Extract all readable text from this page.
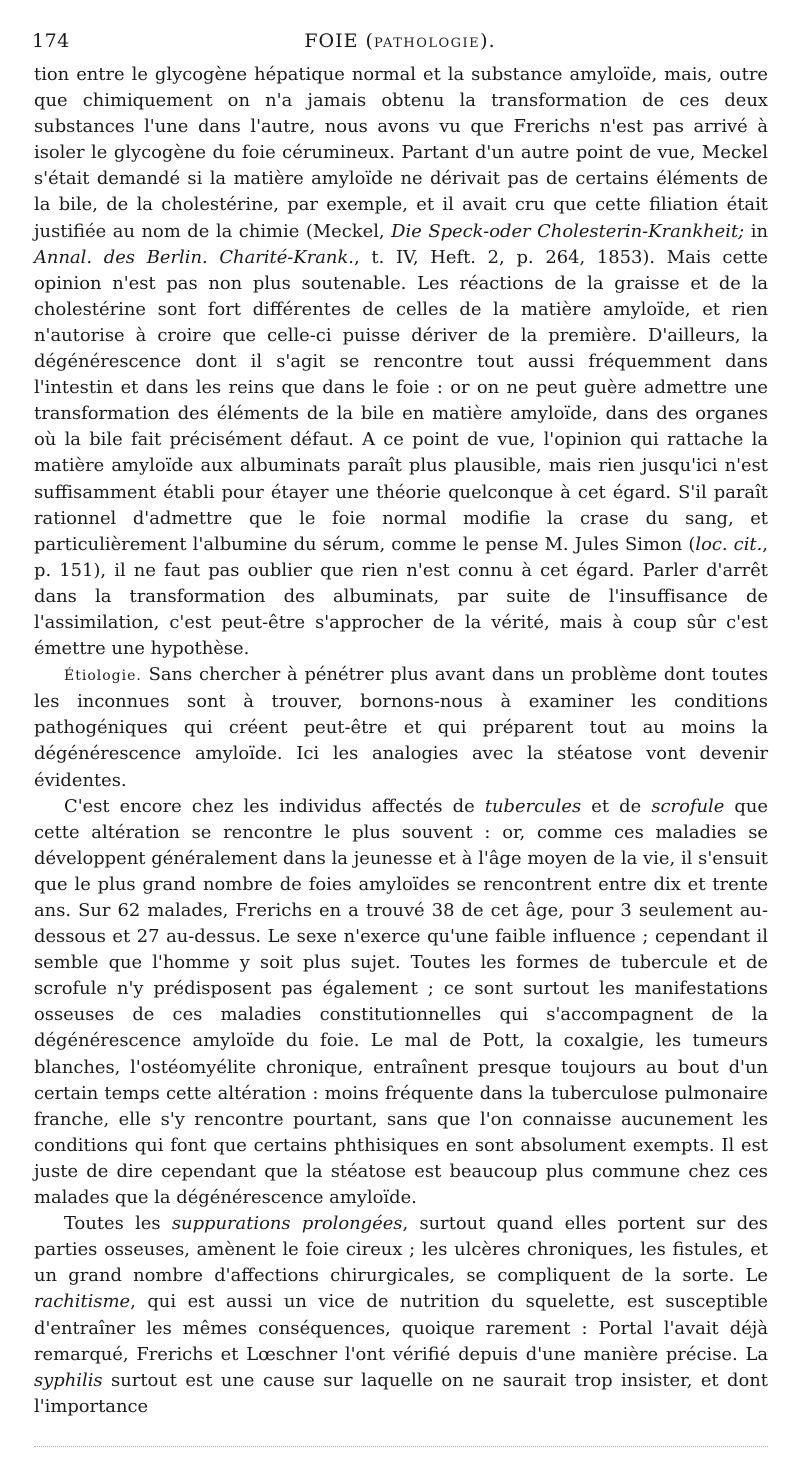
174	FOIE (PATHOLOGIE).

tion entre le glycogène hépatique normal et la substance amyloïde, mais, outre que chimiquement on n'a jamais obtenu la transformation de ces deux substances l'une dans l'autre, nous avons vu que Frerichs n'est pas arrivé à isoler le glycogène du foie cérumineux. Partant d'un autre point de vue, Meckel s'était demandé si la matière amyloïde ne dérivait pas de certains éléments de la bile, de la cholestérine, par exemple, et il avait cru que cette filiation était justifiée au nom de la chimie (Meckel, Die Speck-oder Cholesterin-Krankheit; in Annal. des Berlin. Charité-Krank., t. IV, Heft. 2, p. 264, 1853). Mais cette opinion n'est pas non plus soutenable. Les réactions de la graisse et de la cholestérine sont fort différentes de celles de la matière amyloïde, et rien n'autorise à croire que celle-ci puisse dériver de la première. D'ailleurs, la dégénérescence dont il s'agit se rencontre tout aussi fréquemment dans l'intestin et dans les reins que dans le foie : or on ne peut guère admettre une transformation des éléments de la bile en matière amyloïde, dans des organes où la bile fait précisément défaut. A ce point de vue, l'opinion qui rattache la matière amyloïde aux albuminats paraît plus plausible, mais rien jusqu'ici n'est suffisamment établi pour étayer une théorie quelconque à cet égard. S'il paraît rationnel d'admettre que le foie normal modifie la crase du sang, et particulièrement l'albumine du sérum, comme le pense M. Jules Simon (loc. cit., p. 151), il ne faut pas oublier que rien n'est connu à cet égard. Parler d'arrêt dans la transformation des albuminats, par suite de l'insuffisance de l'assimilation, c'est peut-être s'approcher de la vérité, mais à coup sûr c'est émettre une hypothèse.

Étiologie. Sans chercher à pénétrer plus avant dans un problème dont toutes les inconnues sont à trouver, bornons-nous à examiner les conditions pathogéniques qui créent peut-être et qui préparent tout au moins la dégénérescence amyloïde. Ici les analogies avec la stéatose vont devenir évidentes.

C'est encore chez les individus affectés de tubercules et de scrofule que cette altération se rencontre le plus souvent : or, comme ces maladies se développent généralement dans la jeunesse et à l'âge moyen de la vie, il s'ensuit que le plus grand nombre de foies amyloïdes se rencontrent entre dix et trente ans. Sur 62 malades, Frerichs en a trouvé 38 de cet âge, pour 3 seulement au-dessous et 27 au-dessus. Le sexe n'exerce qu'une faible influence ; cependant il semble que l'homme y soit plus sujet. Toutes les formes de tubercule et de scrofule n'y prédisposent pas également ; ce sont surtout les manifestations osseuses de ces maladies constitutionnelles qui s'accompagnent de la dégénérescence amyloïde du foie. Le mal de Pott, la coxalgie, les tumeurs blanches, l'ostéomyélite chronique, entraînent presque toujours au bout d'un certain temps cette altération : moins fréquente dans la tuberculose pulmonaire franche, elle s'y rencontre pourtant, sans que l'on connaisse aucunement les conditions qui font que certains phthisiques en sont absolument exempts. Il est juste de dire cependant que la stéatose est beaucoup plus commune chez ces malades que la dégénérescence amyloïde.

Toutes les suppurations prolongées, surtout quand elles portent sur des parties osseuses, amènent le foie cireux ; les ulcères chroniques, les fistules, et un grand nombre d'affections chirurgicales, se compliquent de la sorte. Le rachitisme, qui est aussi un vice de nutrition du squelette, est susceptible d'entraîner les mêmes conséquences, quoique rarement : Portal l'avait déjà remarqué, Frerichs et Lœschner l'ont vérifié depuis d'une manière précise. La syphilis surtout est une cause sur laquelle on ne saurait trop insister, et dont l'importance
